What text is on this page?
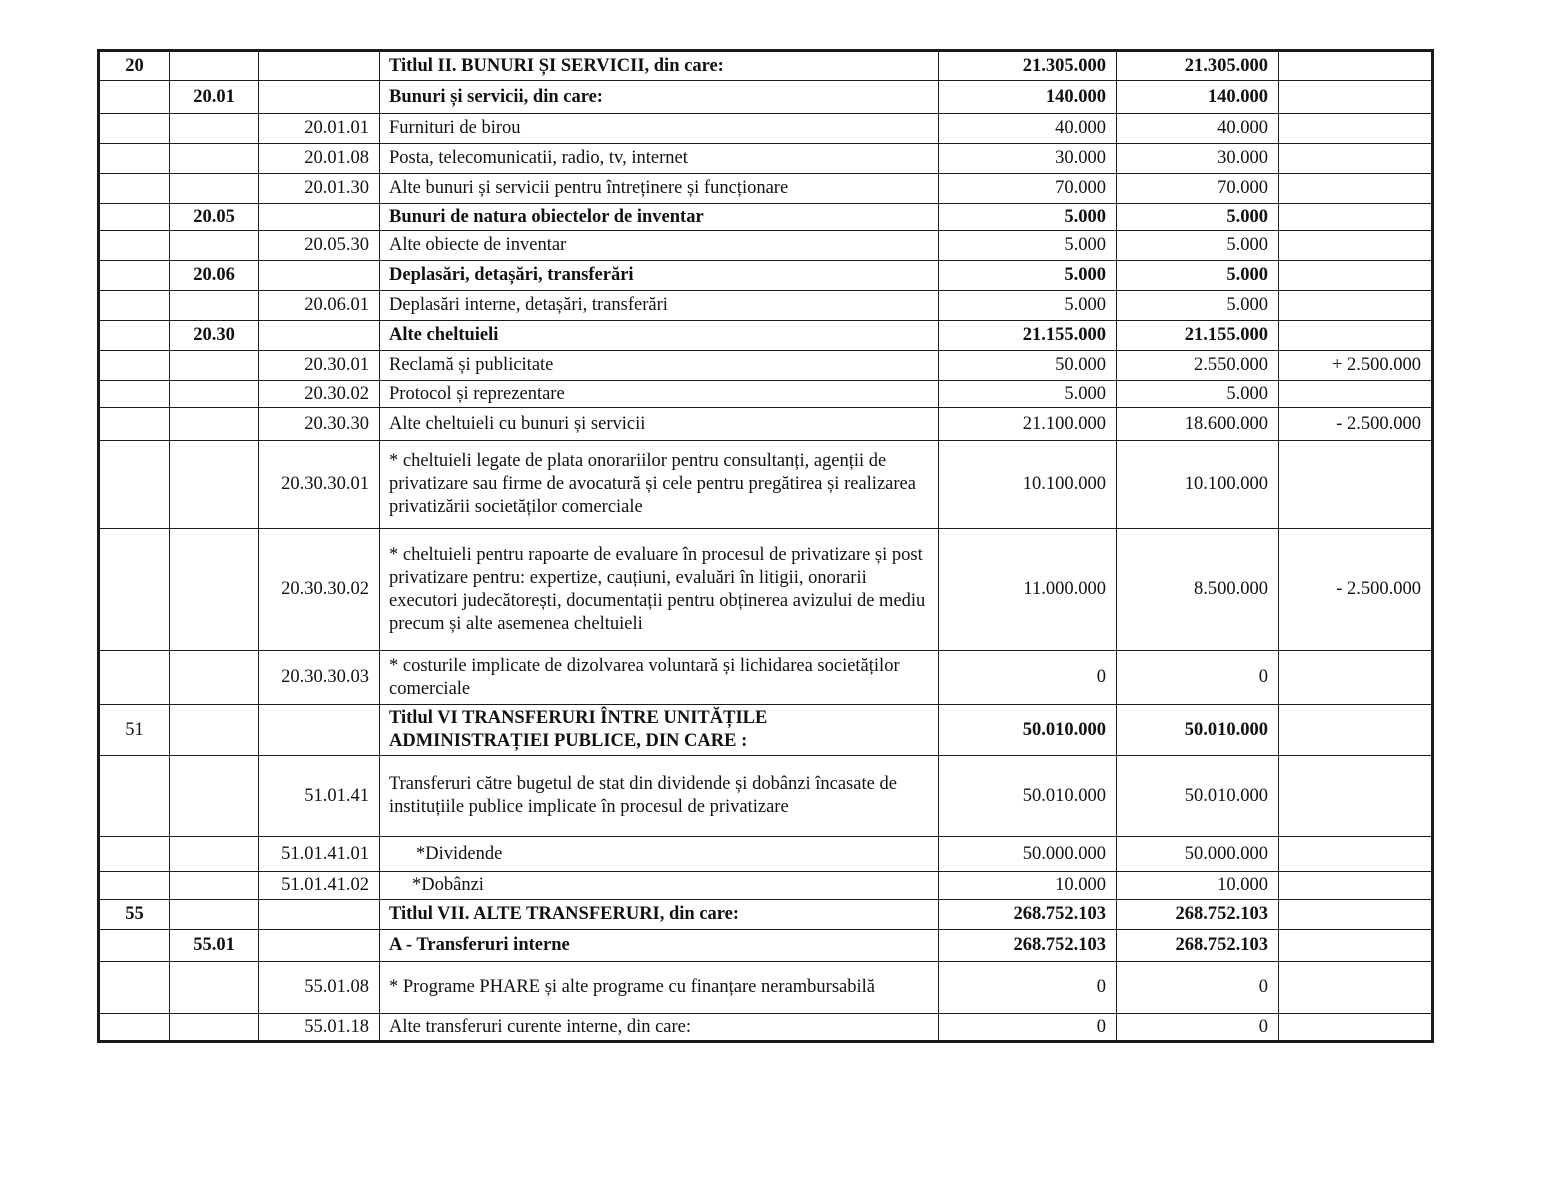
20			Titlul II. BUNURI ȘI SERVICII, din care:	21.305.000	21.305.000	
	20.01		Bunuri și servicii, din care:	140.000	140.000	
		20.01.01	Furnituri de birou	40.000	40.000	
		20.01.08	Posta, telecomunicatii, radio, tv, internet	30.000	30.000	
		20.01.30	Alte bunuri și servicii pentru întreținere și funcționare	70.000	70.000	
	20.05		Bunuri de natura obiectelor de inventar	5.000	5.000	
		20.05.30	Alte obiecte de inventar	5.000	5.000	
	20.06		Deplasări, detașări, transferări	5.000	5.000	
		20.06.01	Deplasări interne, detașări, transferări	5.000	5.000	
	20.30		Alte cheltuieli	21.155.000	21.155.000	
		20.30.01	Reclamă și publicitate	50.000	2.550.000	+ 2.500.000
		20.30.02	Protocol și reprezentare	5.000	5.000	
		20.30.30	Alte cheltuieli cu bunuri și servicii	21.100.000	18.600.000	- 2.500.000
		20.30.30.01	* cheltuieli legate de plata onorariilor pentru consultanți, agenții de privatizare sau firme de avocatură și cele pentru pregătirea și realizarea privatizării societăților comerciale	10.100.000	10.100.000	
		20.30.30.02	* cheltuieli pentru rapoarte de evaluare în procesul de privatizare și post privatizare pentru: expertize, cauțiuni, evaluări în litigii, onorarii executori judecătorești, documentații pentru obținerea avizului de mediu precum și alte asemenea cheltuieli	11.000.000	8.500.000	- 2.500.000
		20.30.30.03	* costurile implicate de dizolvarea voluntară și lichidarea societăților comerciale	0	0	
51			Titlul VI TRANSFERURI ÎNTRE UNITĂȚILE ADMINISTRAȚIEI PUBLICE, DIN CARE :	50.010.000	50.010.000	
		51.01.41	Transferuri către bugetul de stat din dividende și dobânzi încasate de instituțiile publice implicate în procesul de privatizare	50.010.000	50.010.000	
		51.01.41.01	*Dividende	50.000.000	50.000.000	
		51.01.41.02	*Dobânzi	10.000	10.000	
55			Titlul VII. ALTE TRANSFERURI, din care:	268.752.103	268.752.103	
	55.01		A - Transferuri interne	268.752.103	268.752.103	
		55.01.08	* Programe PHARE și alte programe cu finanțare nerambursabilă	0	0	
		55.01.18	Alte transferuri curente interne, din care:	0	0	
